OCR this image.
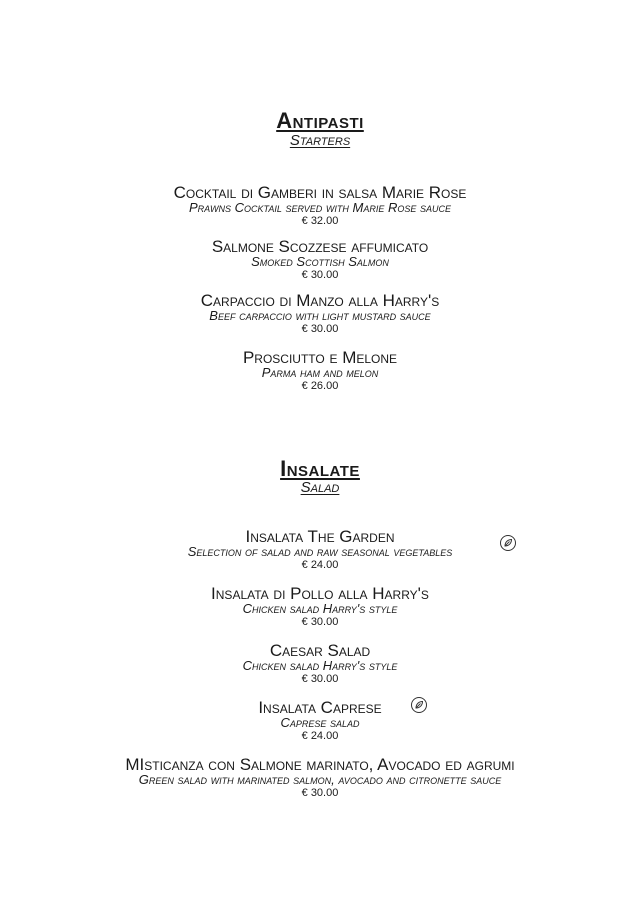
Antipasti
Starters
Cocktail di Gamberi in salsa Marie Rose
Prawns Cocktail served with Marie Rose sauce
€ 32.00
Salmone Scozzese affumicato
Smoked Scottish Salmon
€ 30.00
Carpaccio di Manzo alla Harry's
Beef carpaccio with light mustard sauce
€ 30.00
Prosciutto e Melone
Parma ham and melon
€ 26.00
Insalate
Salad
Insalata The Garden
Selection of salad and raw seasonal vegetables
€ 24.00
Insalata di Pollo alla Harry's
Chicken salad Harry's style
€ 30.00
Caesar Salad
Chicken salad Harry's style
€ 30.00
Insalata Caprese
Caprese salad
€ 24.00
MIsticanza con Salmone marinato, Avocado ed agrumi
Green salad with marinated salmon, avocado and citronette sauce
€ 30.00
